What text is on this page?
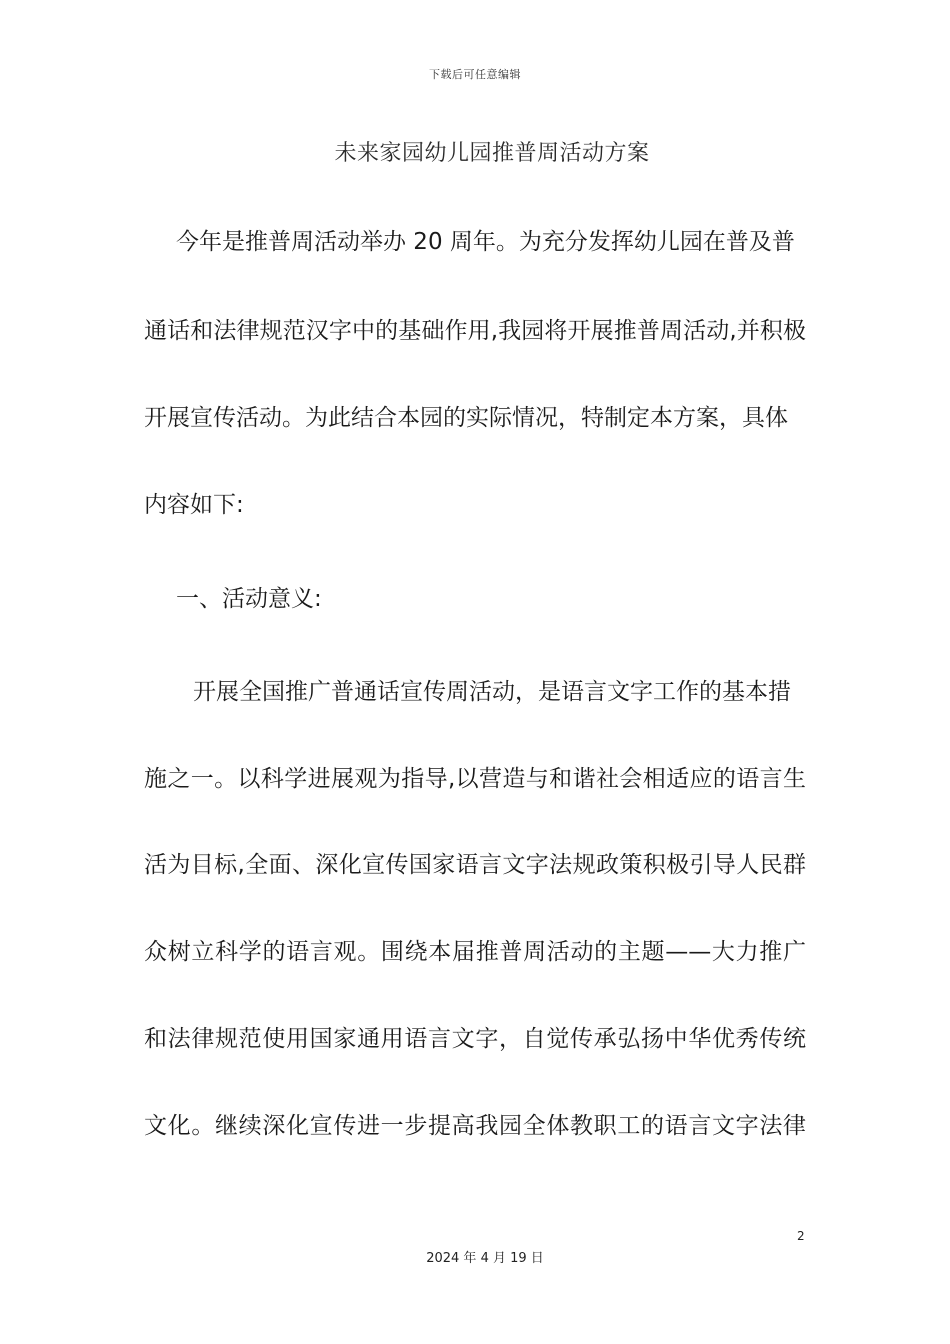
下载后可任意编辑
未来家园幼儿园推普周活动方案
今年是推普周活动举办 20 周年。为充分发挥幼儿园在普及普
通话和法律规范汉字中的基础作用,我园将开展推普周活动,并积极
开展宣传活动。为此结合本园的实际情况，特制定本方案，具体
内容如下:
一、活动意义:
开展全国推广普通话宣传周活动，是语言文字工作的基本措
施之一。以科学进展观为指导,以营造与和谐社会相适应的语言生
活为目标,全面、深化宣传国家语言文字法规政策积极引导人民群
众树立科学的语言观。围绕本届推普周活动的主题——大力推广
和法律规范使用国家通用语言文字，自觉传承弘扬中华优秀传统
文化。继续深化宣传进一步提高我园全体教职工的语言文字法律
2
2024 年 4 月 19 日
